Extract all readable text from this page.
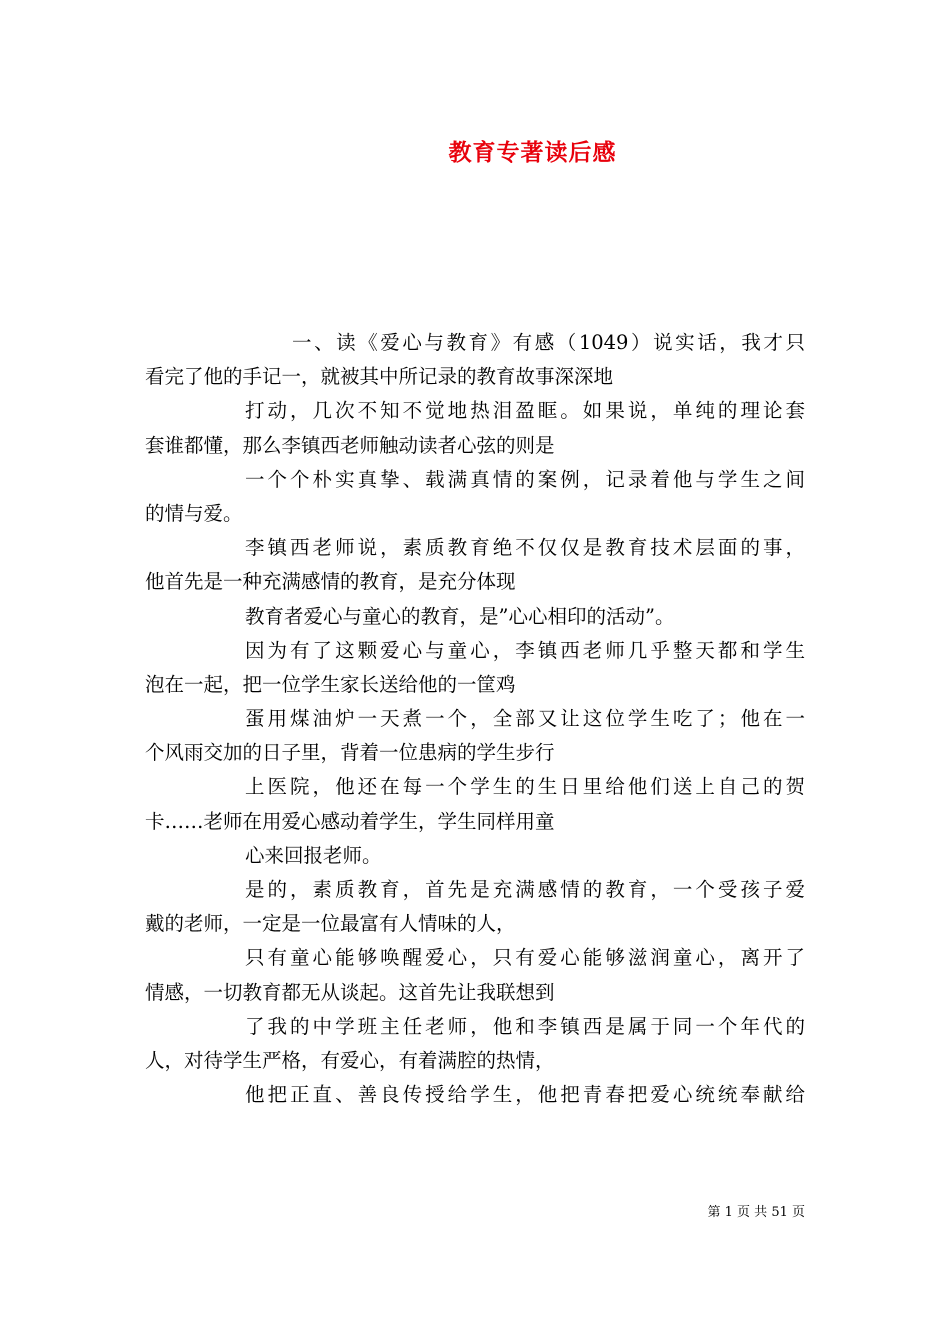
教育专著读后感
一、读《爱心与教育》有感（1049）说实话，我才只
看完了他的手记一，就被其中所记录的教育故事深深地
打动，几次不知不觉地热泪盈眶。如果说，单纯的理论套
套谁都懂，那么李镇西老师触动读者心弦的则是
一个个朴实真挚、载满真情的案例，记录着他与学生之间
的情与爱。
李镇西老师说，素质教育绝不仅仅是教育技术层面的事，
他首先是一种充满感情的教育，是充分体现
教育者爱心与童心的教育，是”心心相印的活动”。
因为有了这颗爱心与童心，李镇西老师几乎整天都和学生
泡在一起，把一位学生家长送给他的一筐鸡
蛋用煤油炉一天煮一个，全部又让这位学生吃了；他在一
个风雨交加的日子里，背着一位患病的学生步行
上医院，他还在每一个学生的生日里给他们送上自己的贺
卡……老师在用爱心感动着学生，学生同样用童
心来回报老师。
是的，素质教育，首先是充满感情的教育，一个受孩子爱
戴的老师，一定是一位最富有人情味的人，
只有童心能够唤醒爱心，只有爱心能够滋润童心，离开了
情感，一切教育都无从谈起。这首先让我联想到
了我的中学班主任老师，他和李镇西是属于同一个年代的
人，对待学生严格，有爱心，有着满腔的热情，
他把正直、善良传授给学生，他把青春把爱心统统奉献给
第 1 页 共 51 页
